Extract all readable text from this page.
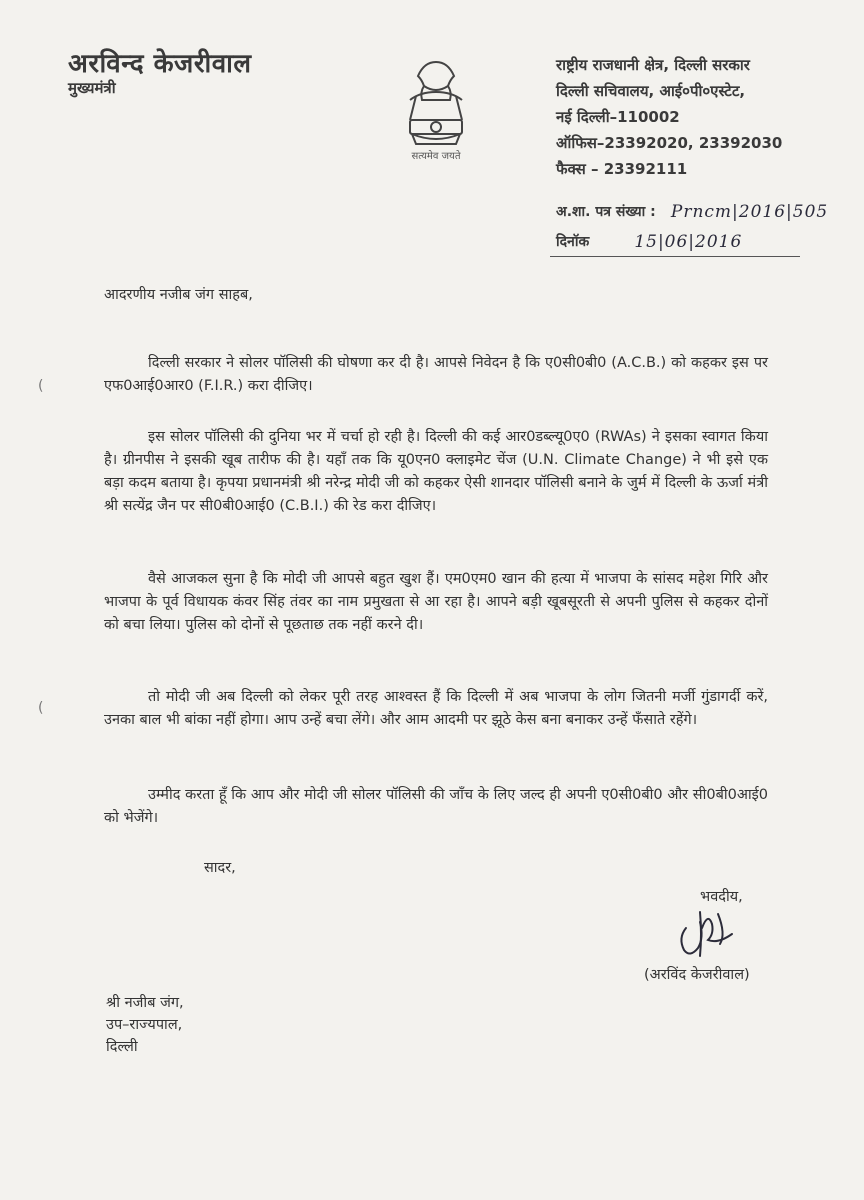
अरविन्द केजरीवाल
मुख्यमंत्री
सत्यमेव जयते
राष्ट्रीय राजधानी क्षेत्र, दिल्ली सरकार
दिल्ली सचिवालय, आई०पी०एस्टेट,
नई दिल्ली–110002
ऑफिस–23392020, 23392030
फैक्स – 23392111
अ.शा. पत्र संख्या : Prncm|2016|505
दिनॉक	15|06|2016
आदरणीय नजीब जंग साहब,

दिल्ली सरकार ने सोलर पॉलिसी की घोषणा कर दी है। आपसे निवेदन है कि ए0सी0बी0 (A.C.B.) को कहकर इस पर एफ0आई0आर0 (F.I.R.) करा दीजिए।

इस सोलर पॉलिसी की दुनिया भर में चर्चा हो रही है। दिल्ली की कई आर0डब्ल्यू0ए0 (RWAs) ने इसका स्वागत किया है। ग्रीनपीस ने इसकी खूब तारीफ की है। यहाँ तक कि यू0एन0 क्लाइमेट चेंज (U.N. Climate Change) ने भी इसे एक बड़ा कदम बताया है। कृपया प्रधानमंत्री श्री नरेन्द्र मोदी जी को कहकर ऐसी शानदार पॉलिसी बनाने के जुर्म में दिल्ली के ऊर्जा मंत्री श्री सत्येंद्र जैन पर सी0बी0आई0 (C.B.I.) की रेड करा दीजिए।

वैसे आजकल सुना है कि मोदी जी आपसे बहुत खुश हैं। एम0एम0 खान की हत्या में भाजपा के सांसद महेश गिरि और भाजपा के पूर्व विधायक कंवर सिंह तंवर का नाम प्रमुखता से आ रहा है। आपने बड़ी खूबसूरती से अपनी पुलिस से कहकर दोनों को बचा लिया। पुलिस को दोनों से पूछताछ तक नहीं करने दी।

तो मोदी जी अब दिल्ली को लेकर पूरी तरह आश्वस्त हैं कि दिल्ली में अब भाजपा के लोग जितनी मर्जी गुंडागर्दी करें, उनका बाल भी बांका नहीं होगा। आप उन्हें बचा लेंगे। और आम आदमी पर झूठे केस बना बनाकर उन्हें फँसाते रहेंगे।

उम्मीद करता हूँ कि आप और मोदी जी सोलर पॉलिसी की जाँच के लिए जल्द ही अपनी ए0सी0बी0 और सी0बी0आई0 को भेजेंगे।

सादर,
भवदीय,
(अरविंद केजरीवाल)
श्री नजीब जंग,
उप–राज्यपाल,
दिल्ली
(
(
